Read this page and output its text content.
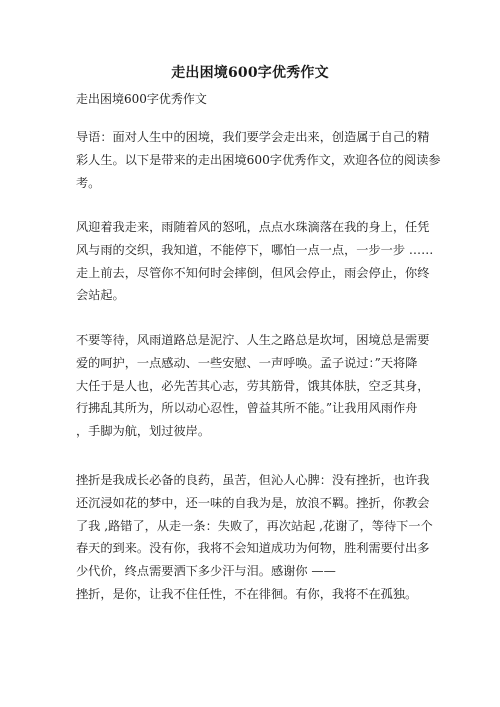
走出困境600字优秀作文
走出困境600字优秀作文

导语：面对人生中的困境，我们要学会走出来，创造属于自己的精
彩人生。以下是带来的走出困境600字优秀作文，欢迎各位的阅读参
考。

风迎着我走来，雨随着风的怒吼，点点水珠滴落在我的身上，任凭
风与雨的交织，我知道，不能停下，哪怕一点一点，一步一步 ……
走上前去，尽管你不知何时会摔倒，但风会停止，雨会停止，你终
会站起。

不要等待，风雨道路总是泥泞、人生之路总是坎坷，困境总是需要
爱的呵护，一点感动、一些安慰、一声呼唤。孟子说过：”天将降
大任于是人也，必先苦其心志，劳其筋骨，饿其体肤，空乏其身，
行拂乱其所为，所以动心忍性，曾益其所不能。”让我用风雨作舟
，手脚为航，划过彼岸。

挫折是我成长必备的良药，虽苦，但沁人心脾：没有挫折，也许我
还沉浸如花的梦中，还一味的自我为是，放浪不羁。挫折，你教会
了我 ,路错了，从走一条：失败了，再次站起 ,花谢了，等待下一个
春天的到来。没有你，我将不会知道成功为何物，胜利需要付出多
少代价，终点需要洒下多少汗与泪。感谢你 ——
挫折，是你，让我不住任性，不在徘徊。有你，我将不在孤独。
